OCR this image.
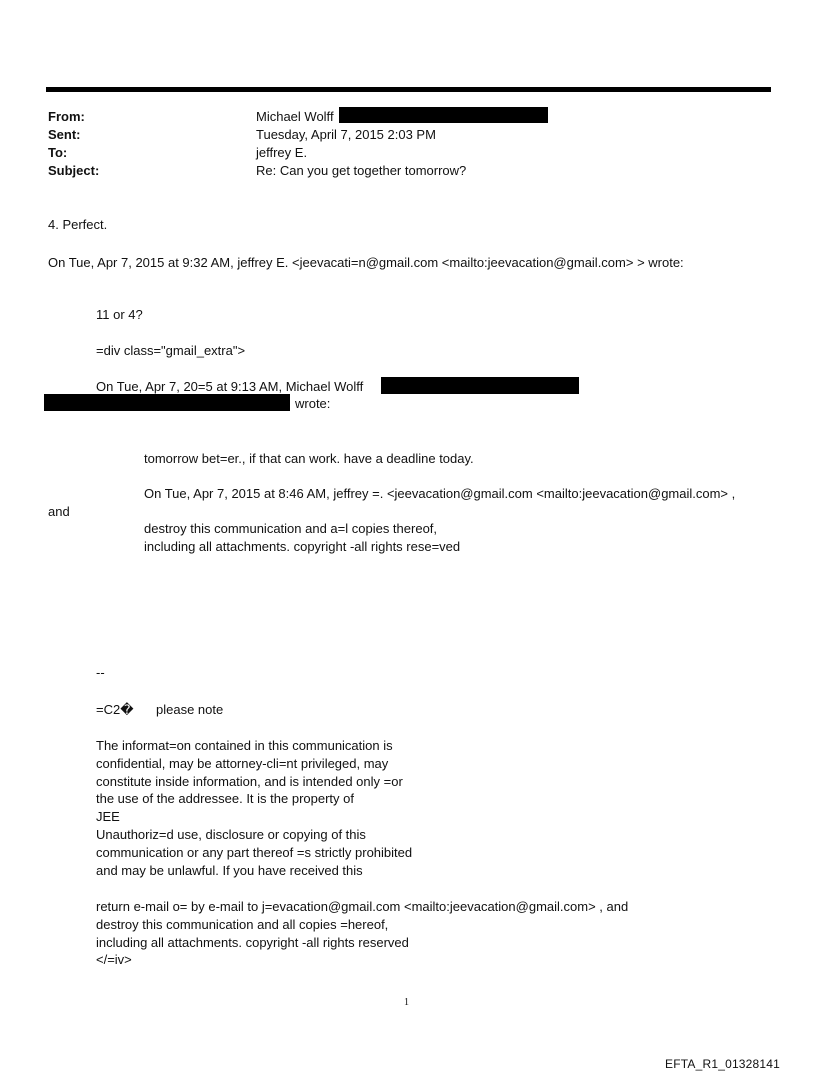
From:	Michael Wolff
Sent:	Tuesday, April 7, 2015 2:03 PM
To:	jeffrey E.
Subject:	Re: Can you get together tomorrow?
4. Perfect.
On Tue, Apr 7, 2015 at 9:32 AM, jeffrey E. <jeevacati=n@gmail.com <mailto:jeevacation@gmail.com> > wrote:
11 or 4?
=div class="gmail_extra">
On Tue, Apr 7, 20=5 at 9:13 AM, Michael Wolff
wrote:
tomorrow bet=er., if that can work. have a deadline today.
On Tue, Apr 7, 2015 at 8:46 AM, jeffrey =. <jeevacation@gmail.com <mailto:jeevacation@gmail.com> ,
and
destroy this communication and a=l copies thereof,
including all attachments. copyright -all rights rese=ved
--
=C2� please note
The informat=on contained in this communication is
confidential, may be attorney-cli=nt privileged, may
constitute inside information, and is intended only =or
the use of the addressee. It is the property of
JEE
Unauthoriz=d use, disclosure or copying of this
communication or any part thereof =s strictly prohibited
and may be unlawful. If you have received this
return e-mail o= by e-mail to j=evacation@gmail.com <mailto:jeevacation@gmail.com> , and
destroy this communication and all copies =hereof,
including all attachments. copyright -all rights reserved
</=iv>
1
EFTA_R1_01328141
